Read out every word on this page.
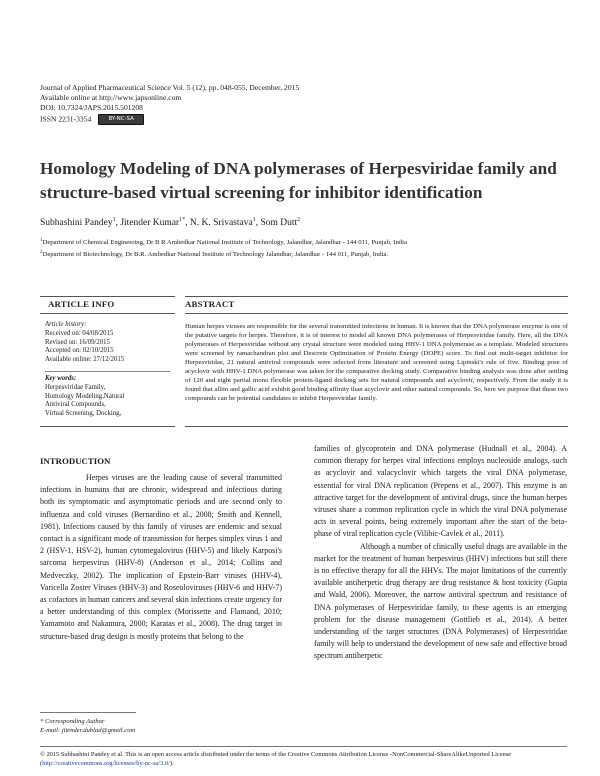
Journal of Applied Pharmaceutical Science Vol. 5 (12), pp. 048-055, December, 2015
Available online at http://www.japsonline.com
DOI: 10.7324/JAPS.2015.501208
ISSN 2231-3354	BY-NC-SA
Homology Modeling of DNA polymerases of Herpesviridae family and structure-based virtual screening for inhibitor identification
Subhashini Pandey$^1$, Jitender Kumar$^{1*}$, N. K. Srivastava$^1$, Som Dutt$^2$
$^1$Department of Chemical Engineering, Dr B R Ambedkar National Institute of Technology, Jalandhar, Jalandhar - 144 011, Punjab, India
$^2$Department of Biotechnology, Dr B.R. Ambedkar National Institute of Technology Jalandhar, Jalandhar - 144 011, Punjab, India.
ARTICLE INFO	ABSTRACT
Article history:
Received on: 04/08/2015
Revised on: 16/09/2015
Accepted on: 02/10/2015
Available online: 27/12/2015
Key words:
Herpesviridae Family,
Homology Modeling,Natural
Antiviral Compounds,
Virtual Screening, Docking,
Human herpes viruses are responsible for the several transmitted infections in human. It is known that the DNA polymerase enzyme is one of the putative targets for herpes. Therefore, it is of interest to model all known DNA polymerases of Herpesviridae family. Here, all the DNA polymerases of Herpesviridae without any crystal structure were modeled using HHV-1 DNA polymerase as a template. Modeled structures were screened by ramachandran plot and Descrete Optimization of Protein Energy (DOPE) score. To find out multi-target inhibitor for Herpesviridae, 21 natural antiviral compounds were selected from literature and screened using Lipinski's rule of five. Binding pose of acyclovir with HHV-1 DNA polymerase was taken for the comparative docking study. Comparative binding analysis was done after settling of 120 and eight partial mono flexible protein-ligand docking sets for natural compounds and acyclovir, respectively. From the study it is found that alliin and gallic acid exhibit good binding affinity than acyclovir and other natural compounds. So, here we purpose that these two compounds can be potential candidates to inhibit Herpesviridae family.
INTRODUCTION

Herpes viruses are the leading cause of several transmitted infections in humans that are chronic, widespread and infectious during both its symptomatic and asymptomatic periods and are second only to influenza and cold viruses (Bernardino et al., 2008; Smith and Kennell, 1981). Infections caused by this family of viruses are endemic and sexual contact is a significant mode of transmission for herpes simplex virus 1 and 2 (HSV-1, HSV-2), human cytomegalovirus (HHV-5) and likely Karposi's sarcoma herpesvirus (HHV-8) (Anderson et al., 2014; Collins and Medveczky, 2002). The implication of Epstein-Barr viruses (HHV-4), Varicella Zoster Viruses (HHV-3) and Roseoloviruses (HHV-6 and HHV-7) as cofactors in human cancers and several skin infections create urgency for a better understanding of this complex (Morissette and Flamand, 2010; Yamamoto and Nakamura, 2000; Karatas et al., 2008). The drug target in structure-based drug design is mostly proteins that belong to the

families of glycoprotein and DNA polymerase (Hudnall et al., 2004). A common therapy for herpes viral infections employs nucleoside analogs, such as acyclovir and valacyclovir which targets the viral DNA polymerase, essential for viral DNA replication (Prepens et al., 2007). This enzyme is an attractive target for the development of antiviral drugs, since the human herpes viruses share a common replication cycle in which the viral DNA polymerase acts in several points, being extremely important after the start of the beta-phase of viral replication cycle (Vilibic-Cavlek et al., 2011).

Although a number of clinically useful drugs are available in the market for the treatment of human herpesvirus (HHV) infections but still there is no effective therapy for all the HHVs. The major limitations of the currently available antiherpetic drug therapy are drug resistance & host toxicity (Gupta and Wald, 2006). Moreover, the narrow antiviral spectrum and resistance of DNA polymerases of Herpesviridae family, to these agents is an emerging problem for the disease management (Gottlieb et al., 2014). A better understanding of the target structures (DNA Polymerases) of Herpesviridae family will help to understand the development of new safe and effective broad spectrum antiherpetic

* Corresponding Author
E-mail: jitender.dublad@gmail.com
© 2015 Subhashini Pandey et al. This is an open access article distributed under the terms of the Creative Commons Attribution License -NonCommercial-ShareAlikeUnported License (http://creativecommons.org/licenses/by-nc-sa/3.0/).
